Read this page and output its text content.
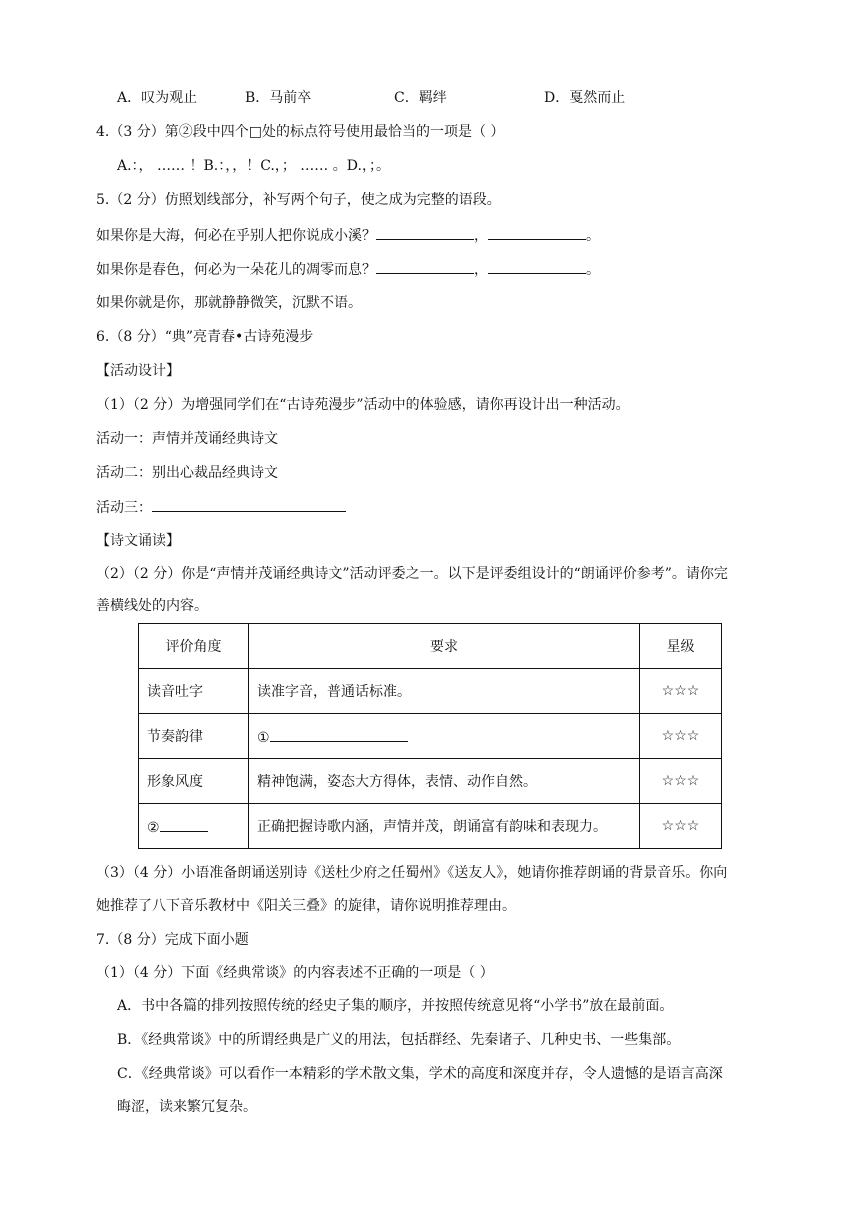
A．叹为观止	B．马前卒	C．羁绊	D．戛然而止
4.（3 分）第②段中四个□处的标点符号使用最恰当的一项是（ ）
A.：， …… ！B.：，，！C.，； …… 。D.，；。
5.（2 分）仿照划线部分，补写两个句子，使之成为完整的语段。
如果你是大海，何必在乎别人把你说成小溪？	，	。
如果你是春色，何必为一朵花儿的凋零而息？	，	。
如果你就是你，那就静静微笑，沉默不语。
6.（8 分）“典”亮青春•古诗苑漫步
【活动设计】
（1）（2 分）为增强同学们在“古诗苑漫步”活动中的体验感，请你再设计出一种活动。
活动一：声情并茂诵经典诗文
活动二：别出心裁品经典诗文
活动三：
【诗文诵读】
（2）（2 分）你是“声情并茂诵经典诗文”活动评委之一。以下是评委组设计的“朗诵评价参考”。请你完
善横线处的内容。
评价角度	要求	星级
读音吐字	读准字音，普通话标准。	☆☆☆
节奏韵律	①	☆☆☆
形象风度	精神饱满，姿态大方得体，表情、动作自然。	☆☆☆
②	正确把握诗歌内涵，声情并茂，朗诵富有韵味和表现力。	☆☆☆
（3）（4 分）小语准备朗诵送别诗《送杜少府之任蜀州》《送友人》，她请你推荐朗诵的背景音乐。你向
她推荐了八下音乐教材中《阳关三叠》的旋律，请你说明推荐理由。
7.（8 分）完成下面小题
（1）（4 分）下面《经典常谈》的内容表述不正确的一项是（ ）
A．书中各篇的排列按照传统的经史子集的顺序，并按照传统意见将“小学书”放在最前面。
B．《经典常谈》中的所谓经典是广义的用法，包括群经、先秦诸子、几种史书、一些集部。
C．《经典常谈》可以看作一本精彩的学术散文集，学术的高度和深度并存，令人遗憾的是语言高深
晦涩，读来繁冗复杂。
